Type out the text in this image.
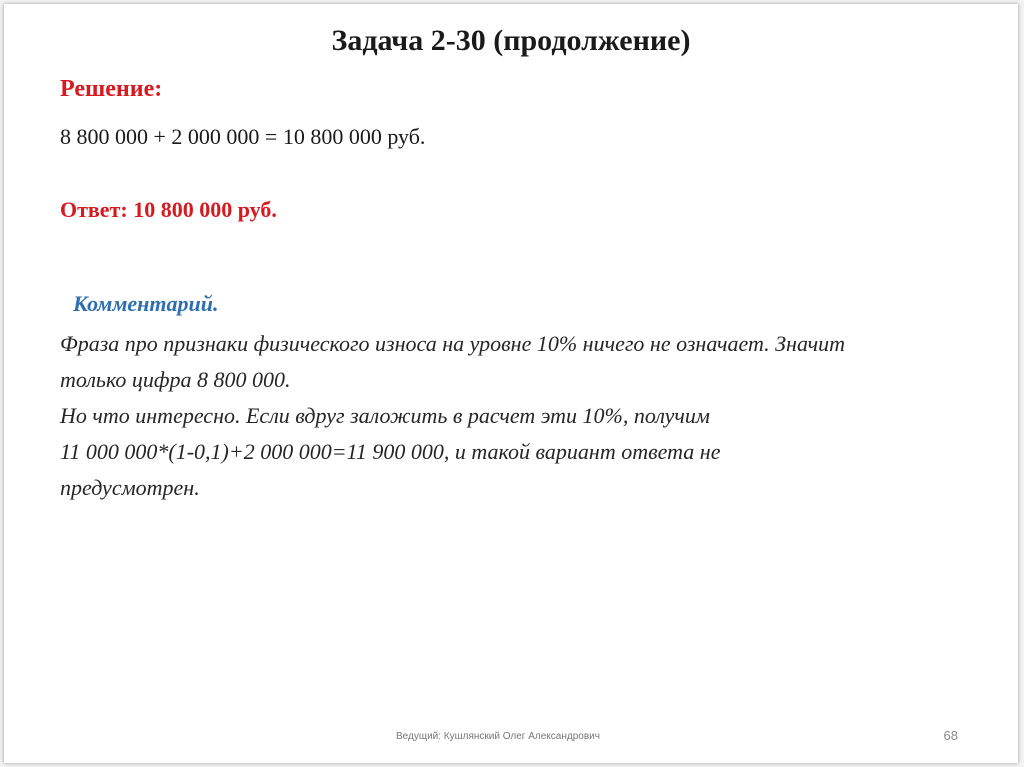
Задача 2-30 (продолжение)
Решение:
8 800 000 + 2 000 000 = 10 800 000 руб.
Ответ: 10 800 000 руб.
Комментарий.
Фраза про признаки физического износа на уровне 10% ничего не означает. Значит
только цифра 8 800 000.
Но что интересно. Если вдруг заложить в расчет эти 10%, получим
11 000 000*(1-0,1)+2 000 000=11 900 000, и такой вариант ответа не
предусмотрен.
Ведущий: Кушлянский Олег Александрович	68
